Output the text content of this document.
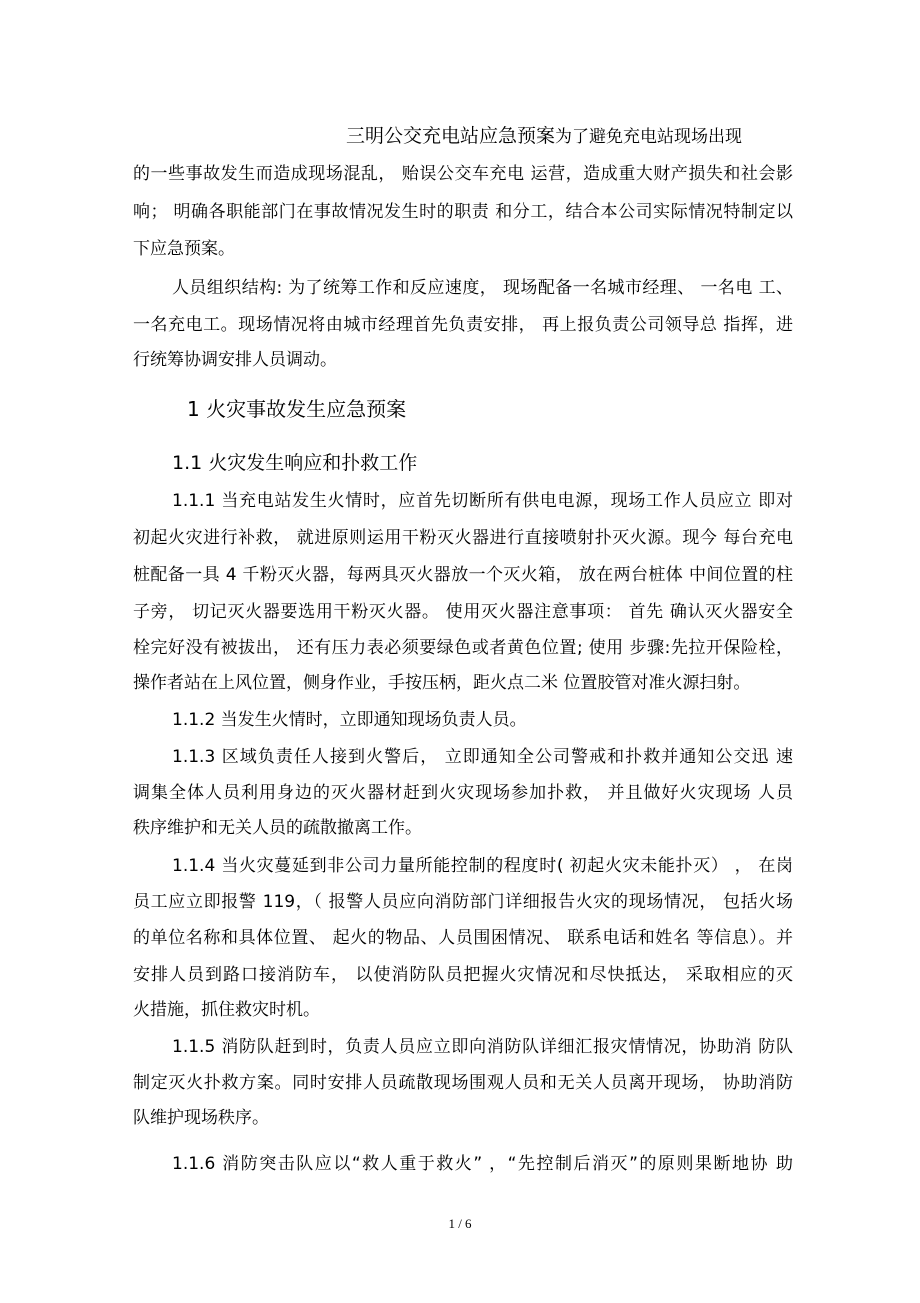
三明公交充电站应急预案为了避免充电站现场出现
的一些事故发生而造成现场混乱， 贻误公交车充电 运营，造成重大财产损失和社会影
响； 明确各职能部门在事故情况发生时的职责 和分工，结合本公司实际情况特制定以
下应急预案。
人员组织结构: 为了统筹工作和反应速度， 现场配备一名城市经理、 一名电 工、
一名充电工。现场情况将由城市经理首先负责安排， 再上报负责公司领导总 指挥，进
行统筹协调安排人员调动。
1 火灾事故发生应急预案
1.1 火灾发生响应和扑救工作
1.1.1 当充电站发生火情时，应首先切断所有供电电源，现场工作人员应立 即对
初起火灾进行补救， 就进原则运用干粉灭火器进行直接喷射扑灭火源。现今 每台充电
桩配备一具 4 千粉灭火器，每两具灭火器放一个灭火箱， 放在两台桩体 中间位置的柱
子旁， 切记灭火器要选用干粉灭火器。 使用灭火器注意事项： 首先 确认灭火器安全
栓完好没有被拔出， 还有压力表必须要绿色或者黄色位置; 使用 步骤:先拉开保险栓，
操作者站在上风位置，侧身作业，手按压柄，距火点二米 位置胶管对准火源扫射。
1.1.2 当发生火情时，立即通知现场负责人员。
1.1.3 区域负责任人接到火警后， 立即通知全公司警戒和扑救并通知公交迅 速
调集全体人员利用身边的灭火器材赶到火灾现场参加扑救， 并且做好火灾现场 人员
秩序维护和无关人员的疏散撤离工作。
1.1.4 当火灾蔓延到非公司力量所能控制的程度时( 初起火灾未能扑灭） ， 在岗
员工应立即报警 119，（ 报警人员应向消防部门详细报告火灾的现场情况， 包括火场
的单位名称和具体位置、 起火的物品、人员围困情况、 联系电话和姓名 等信息）。并
安排人员到路口接消防车， 以使消防队员把握火灾情况和尽快抵达， 采取相应的灭
火措施，抓住救灾时机。
1.1.5 消防队赶到时，负责人员应立即向消防队详细汇报灾情情况，协助消 防队
制定灭火扑救方案。同时安排人员疏散现场围观人员和无关人员离开现场， 协助消防
队维护现场秩序。
1.1.6 消防突击队应以“救人重于救火” ，“先控制后消灭”的原则果断地协 助
1 / 6
